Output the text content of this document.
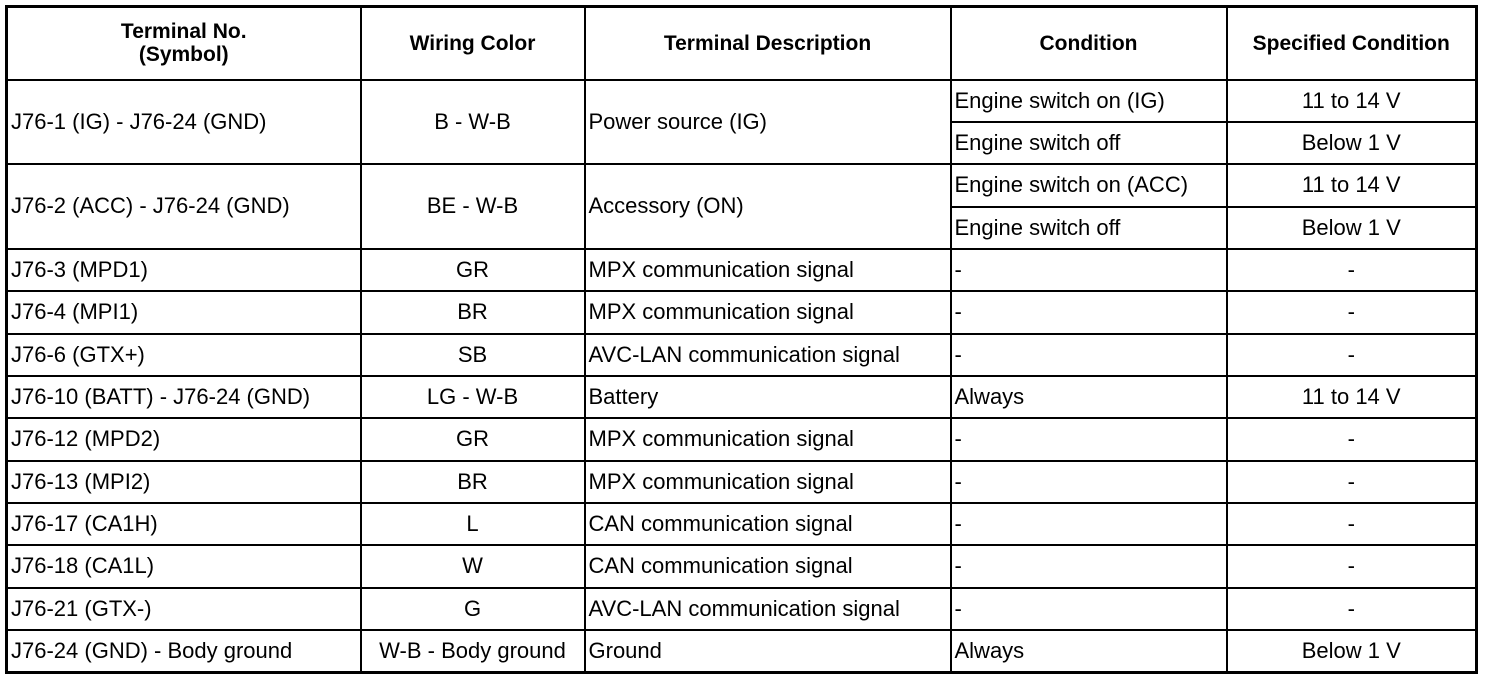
Terminal No.
(Symbol)	Wiring Color	Terminal Description	Condition	Specified Condition
J76-1 (IG) - J76-24 (GND)	B - W-B	Power source (IG)	Engine switch on (IG)	11 to 14 V
			Engine switch off	Below 1 V
J76-2 (ACC) - J76-24 (GND)	BE - W-B	Accessory (ON)	Engine switch on (ACC)	11 to 14 V
			Engine switch off	Below 1 V
J76-3 (MPD1)	GR	MPX communication signal	-	-
J76-4 (MPI1)	BR	MPX communication signal	-	-
J76-6 (GTX+)	SB	AVC-LAN communication signal	-	-
J76-10 (BATT) - J76-24 (GND)	LG - W-B	Battery	Always	11 to 14 V
J76-12 (MPD2)	GR	MPX communication signal	-	-
J76-13 (MPI2)	BR	MPX communication signal	-	-
J76-17 (CA1H)	L	CAN communication signal	-	-
J76-18 (CA1L)	W	CAN communication signal	-	-
J76-21 (GTX-)	G	AVC-LAN communication signal	-	-
J76-24 (GND) - Body ground	W-B - Body ground	Ground	Always	Below 1 V
